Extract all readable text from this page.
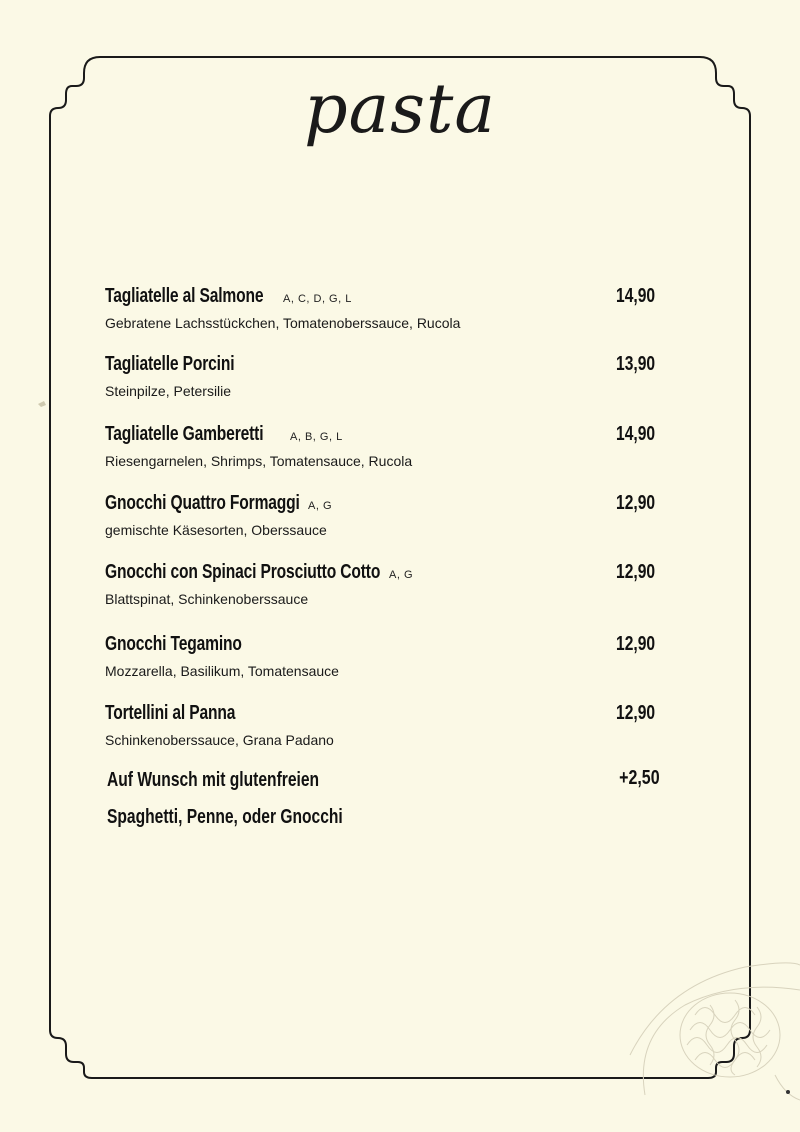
pasta
Tagliatelle al Salmone A, C, D, G, L
Gebratene Lachsstückchen, Tomatenoberssauce, Rucola
14,90
Tagliatelle Porcini
Steinpilze, Petersilie
13,90
Tagliatelle Gamberetti A, B, G, L
Riesengarnelen, Shrimps, Tomatensauce, Rucola
14,90
Gnocchi Quattro Formaggi A, G
gemischte Käsesorten, Oberssauce
12,90
Gnocchi con Spinaci Prosciutto Cotto A, G
Blattspinat, Schinkenoberssauce
12,90
Gnocchi Tegamino
Mozzarella, Basilikum, Tomatensauce
12,90
Tortellini al Panna
Schinkenoberssauce, Grana Padano
12,90
Auf Wunsch mit glutenfreien
Spaghetti, Penne, oder Gnocchi
+2,50
